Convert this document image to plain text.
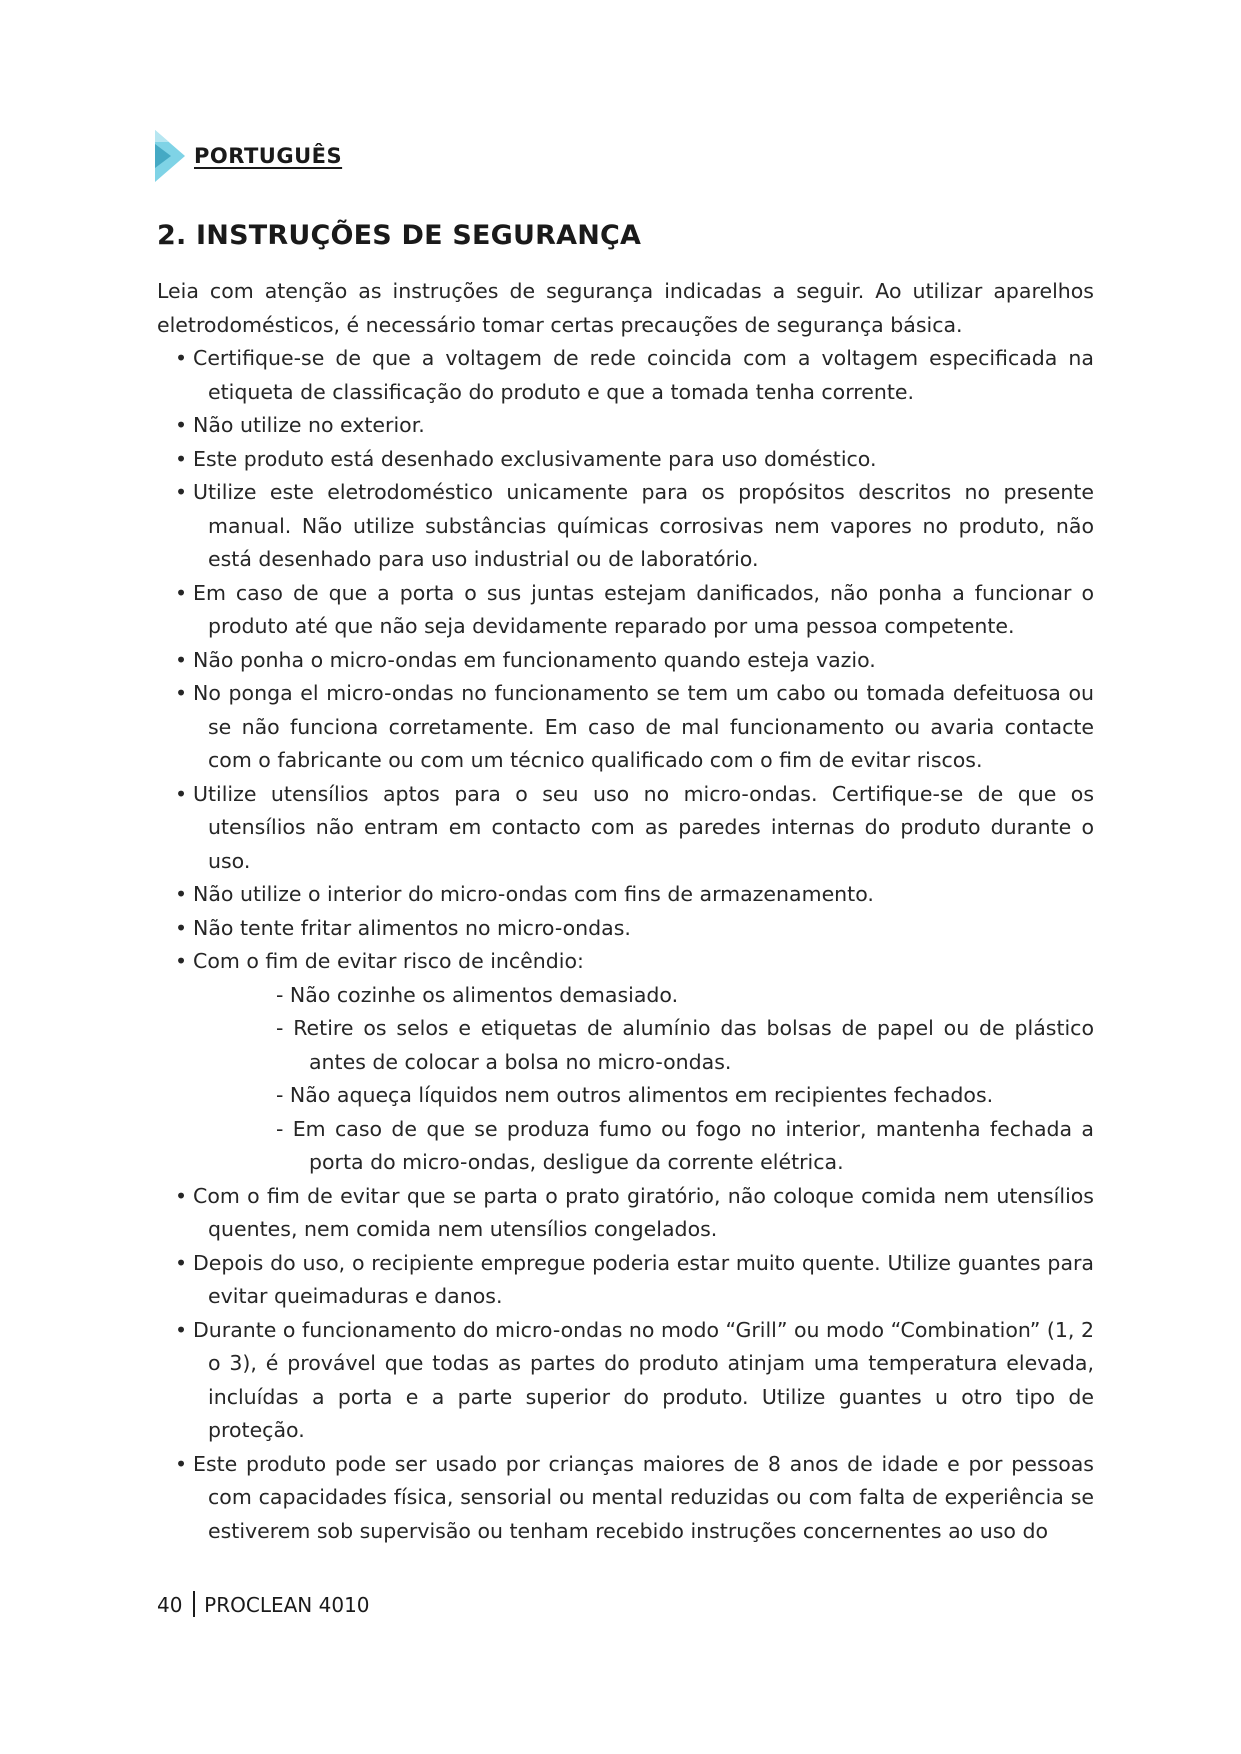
PORTUGUÊS
2. INSTRUÇÕES DE SEGURANÇA

Leia com atenção as instruções de segurança indicadas a seguir. Ao utilizar aparelhos eletrodomésticos, é necessário tomar certas precauções de segurança básica.

• Certifique-se de que a voltagem de rede coincida com a voltagem especificada na etiqueta de classificação do produto e que a tomada tenha corrente.
• Não utilize no exterior.
• Este produto está desenhado exclusivamente para uso doméstico.
• Utilize este eletrodoméstico unicamente para os propósitos descritos no presente manual. Não utilize substâncias químicas corrosivas nem vapores no produto, não está desenhado para uso industrial ou de laboratório.
• Em caso de que a porta o sus juntas estejam danificados, não ponha a funcionar o produto até que não seja devidamente reparado por uma pessoa competente.
• Não ponha o micro-ondas em funcionamento quando esteja vazio.
• No ponga el micro-ondas no funcionamento se tem um cabo ou tomada defeituosa ou se não funciona corretamente. Em caso de mal funcionamento ou avaria contacte com o fabricante ou com um técnico qualificado com o fim de evitar riscos.
• Utilize utensílios aptos para o seu uso no micro-ondas. Certifique-se de que os utensílios não entram em contacto com as paredes internas do produto durante o uso.
• Não utilize o interior do micro-ondas com fins de armazenamento.
• Não tente fritar alimentos no micro-ondas.
• Com o fim de evitar risco de incêndio:
- Não cozinhe os alimentos demasiado.
- Retire os selos e etiquetas de alumínio das bolsas de papel ou de plástico antes de colocar a bolsa no micro-ondas.
- Não aqueça líquidos nem outros alimentos em recipientes fechados.
- Em caso de que se produza fumo ou fogo no interior, mantenha fechada a porta do micro-ondas, desligue da corrente elétrica.
• Com o fim de evitar que se parta o prato giratório, não coloque comida nem utensílios quentes, nem comida nem utensílios congelados.
• Depois do uso, o recipiente empregue poderia estar muito quente. Utilize guantes para evitar queimaduras e danos.
• Durante o funcionamento do micro-ondas no modo “Grill” ou modo “Combination” (1, 2 o 3), é provável que todas as partes do produto atinjam uma temperatura elevada, incluídas a porta e a parte superior do produto. Utilize guantes u otro tipo de proteção.
• Este produto pode ser usado por crianças maiores de 8 anos de idade e por pessoas com capacidades física, sensorial ou mental reduzidas ou com falta de experiência se estiverem sob supervisão ou tenham recebido instruções concernentes ao uso do
40 PROCLEAN 4010
